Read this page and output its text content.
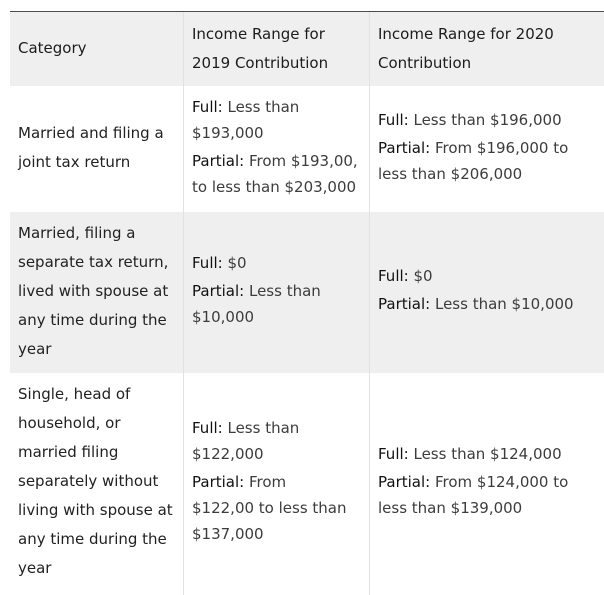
Category
Income Range for
2019 Contribution
Income Range for 2020
Contribution
Married and filing a
joint tax return
Full: Less than $193,000
Partial: From $193,00, to less than $203,000
Full: Less than $196,000
Partial: From $196,000 to less than $206,000
Married, filing a
separate tax return,
lived with spouse at
any time during the
year
Full: $0
Partial: Less than $10,000
Full: $0
Partial: Less than $10,000
Single, head of
household, or
married filing
separately without
living with spouse at
any time during the
year
Full: Less than $122,000
Partial: From $122,00 to less than $137,000
Full: Less than $124,000
Partial: From $124,000 to less than $139,000
